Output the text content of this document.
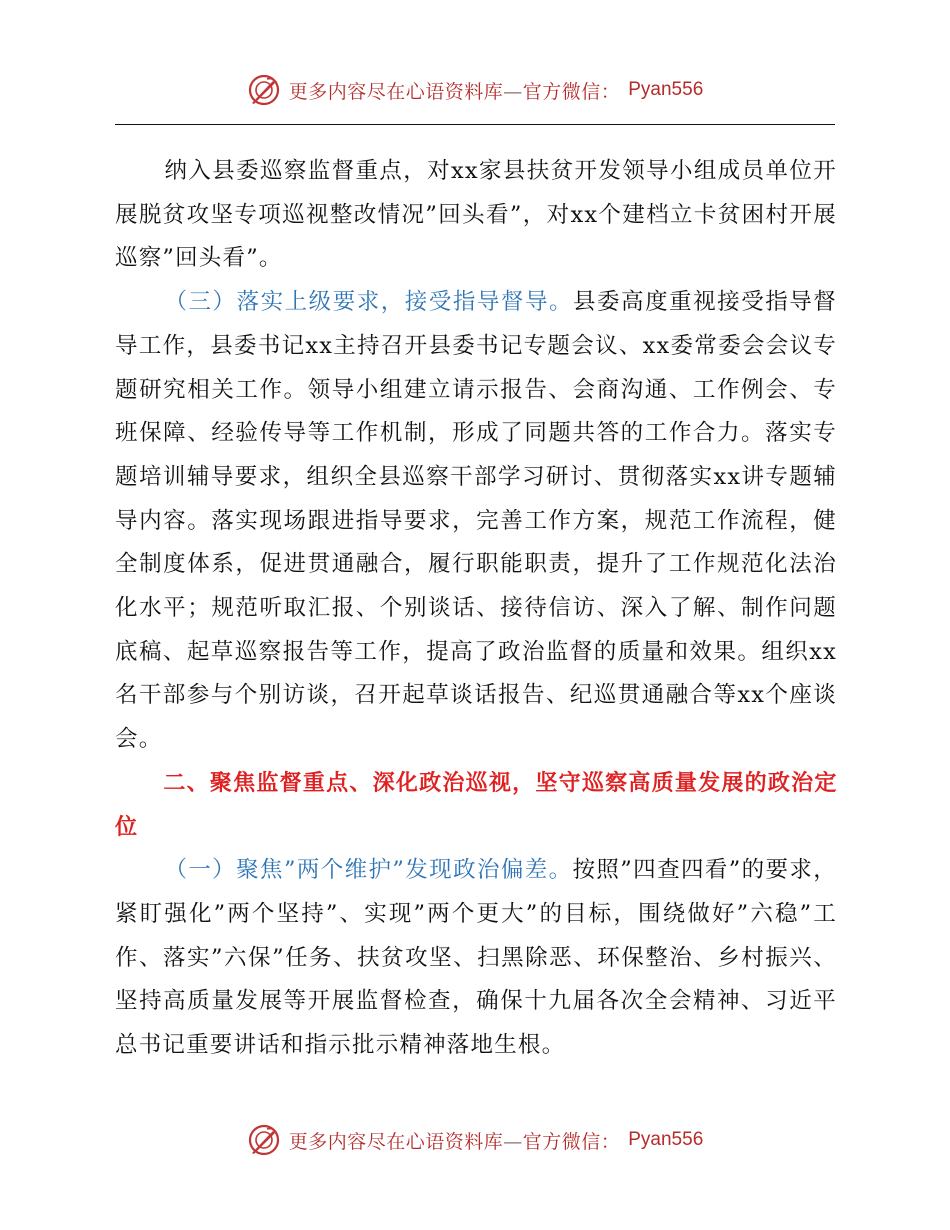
更多内容尽在心语资料库—官方微信： Pyan556

纳入县委巡察监督重点，对xx家县扶贫开发领导小组成员单位开展脱贫攻坚专项巡视整改情况”回头看”，对xx个建档立卡贫困村开展巡察”回头看”。

（三）落实上级要求，接受指导督导。县委高度重视接受指导督导工作，县委书记xx主持召开县委书记专题会议、xx委常委会会议专题研究相关工作。领导小组建立请示报告、会商沟通、工作例会、专班保障、经验传导等工作机制，形成了同题共答的工作合力。落实专题培训辅导要求，组织全县巡察干部学习研讨、贯彻落实xx讲专题辅导内容。落实现场跟进指导要求，完善工作方案，规范工作流程，健全制度体系，促进贯通融合，履行职能职责，提升了工作规范化法治化水平；规范听取汇报、个别谈话、接待信访、深入了解、制作问题底稿、起草巡察报告等工作，提高了政治监督的质量和效果。组织xx名干部参与个别访谈，召开起草谈话报告、纪巡贯通融合等xx个座谈会。

二、聚焦监督重点、深化政治巡视，坚守巡察高质量发展的政治定位

（一）聚焦”两个维护”发现政治偏差。按照”四查四看”的要求，紧盯强化”两个坚持”、实现”两个更大”的目标，围绕做好”六稳”工作、落实”六保”任务、扶贫攻坚、扫黑除恶、环保整治、乡村振兴、坚持高质量发展等开展监督检查，确保十九届各次全会精神、习近平总书记重要讲话和指示批示精神落地生根。

更多内容尽在心语资料库—官方微信： Pyan556
